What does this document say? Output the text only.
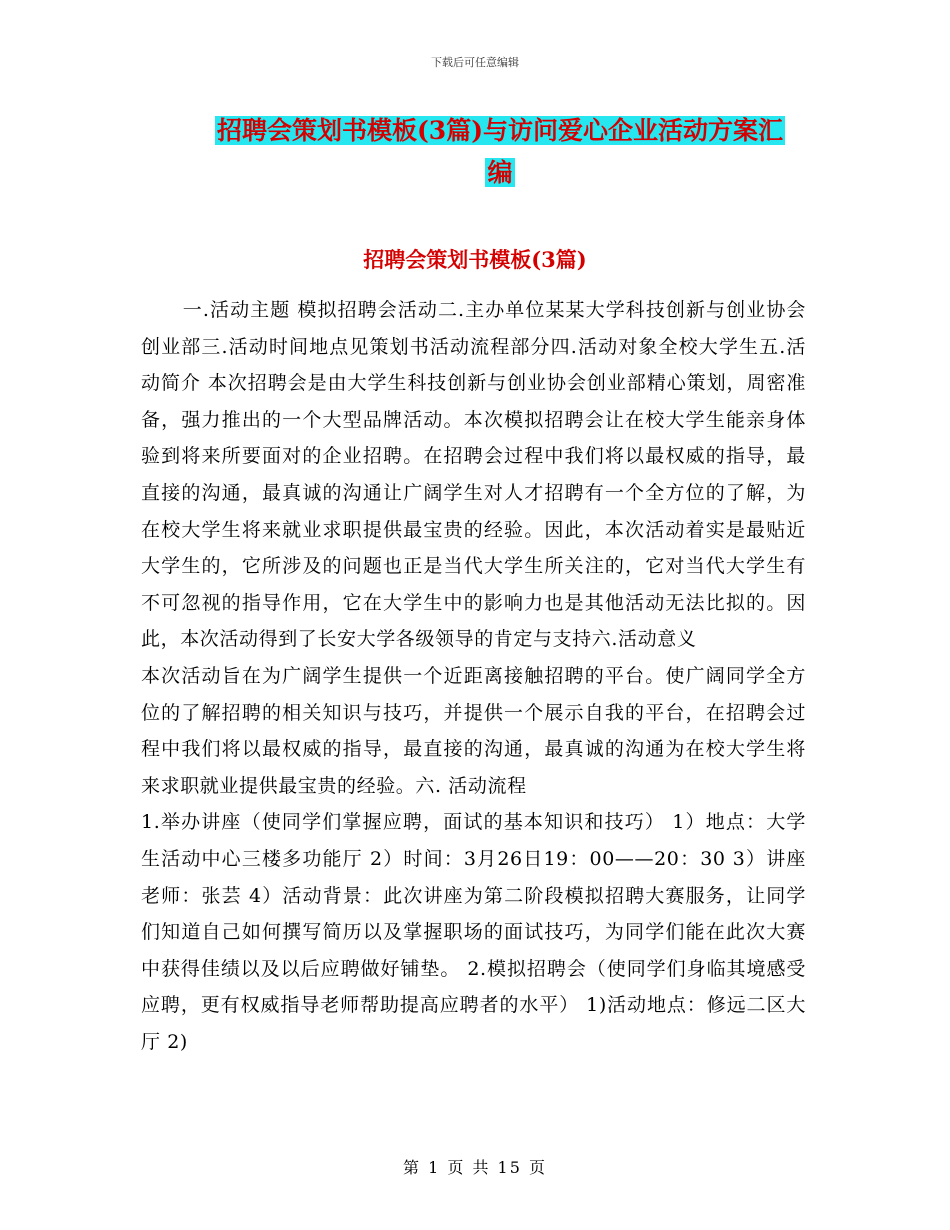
下载后可任意编辑
招聘会策划书模板(3篇)与访问爱心企业活动方案汇
编
招聘会策划书模板(3篇)

一.活动主题 模拟招聘会活动二.主办单位某某大学科技创新与创业协会创业部三.活动时间地点见策划书活动流程部分四.活动对象全校大学生五.活动简介 本次招聘会是由大学生科技创新与创业协会创业部精心策划，周密准备，强力推出的一个大型品牌活动。本次模拟招聘会让在校大学生能亲身体验到将来所要面对的企业招聘。在招聘会过程中我们将以最权威的指导，最直接的沟通，最真诚的沟通让广阔学生对人才招聘有一个全方位的了解，为在校大学生将来就业求职提供最宝贵的经验。因此，本次活动着实是最贴近大学生的，它所涉及的问题也正是当代大学生所关注的，它对当代大学生有不可忽视的指导作用，它在大学生中的影响力也是其他活动无法比拟的。因此，本次活动得到了长安大学各级领导的肯定与支持六.活动意义

本次活动旨在为广阔学生提供一个近距离接触招聘的平台。使广阔同学全方位的了解招聘的相关知识与技巧，并提供一个展示自我的平台，在招聘会过程中我们将以最权威的指导，最直接的沟通，最真诚的沟通为在校大学生将来求职就业提供最宝贵的经验。六. 活动流程

1.举办讲座（使同学们掌握应聘，面试的基本知识和技巧） 1）地点：大学生活动中心三楼多功能厅 2）时间：3月26日19：00——20：30 3）讲座老师：张芸 4）活动背景：此次讲座为第二阶段模拟招聘大赛服务，让同学们知道自己如何撰写简历以及掌握职场的面试技巧，为同学们能在此次大赛中获得佳绩以及以后应聘做好铺垫。 2.模拟招聘会（使同学们身临其境感受应聘，更有权威指导老师帮助提高应聘者的水平） 1)活动地点：修远二区大厅 2)

第 1 页 共 15 页
